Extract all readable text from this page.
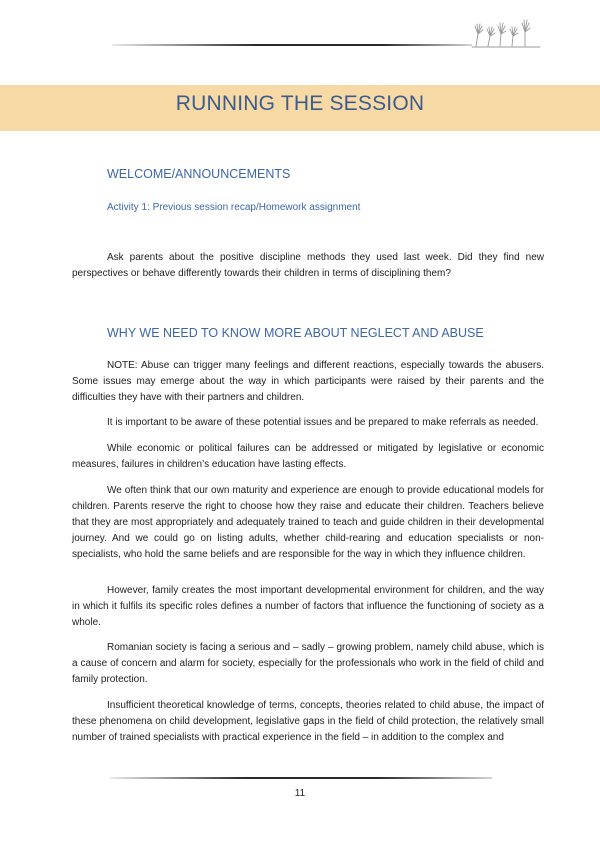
RUNNING THE SESSION
WELCOME/ANNOUNCEMENTS
Activity 1: Previous session recap/Homework assignment

Ask parents about the positive discipline methods they used last week. Did they find new perspectives or behave differently towards their children in terms of disciplining them?

WHY WE NEED TO KNOW MORE ABOUT NEGLECT AND ABUSE

NOTE: Abuse can trigger many feelings and different reactions, especially towards the abusers. Some issues may emerge about the way in which participants were raised by their parents and the difficulties they have with their partners and children.

It is important to be aware of these potential issues and be prepared to make referrals as needed.

While economic or political failures can be addressed or mitigated by legislative or economic measures, failures in children’s education have lasting effects.

We often think that our own maturity and experience are enough to provide educational models for children. Parents reserve the right to choose how they raise and educate their children. Teachers believe that they are most appropriately and adequately trained to teach and guide children in their developmental journey. And we could go on listing adults, whether child-rearing and education specialists or non-specialists, who hold the same beliefs and are responsible for the way in which they influence children.

However, family creates the most important developmental environment for children, and the way in which it fulfils its specific roles defines a number of factors that influence the functioning of society as a whole.

Romanian society is facing a serious and – sadly – growing problem, namely child abuse, which is a cause of concern and alarm for society, especially for the professionals who work in the field of child and family protection.

Insufficient theoretical knowledge of terms, concepts, theories related to child abuse, the impact of these phenomena on child development, legislative gaps in the field of child protection, the relatively small number of trained specialists with practical experience in the field – in addition to the complex and

11
